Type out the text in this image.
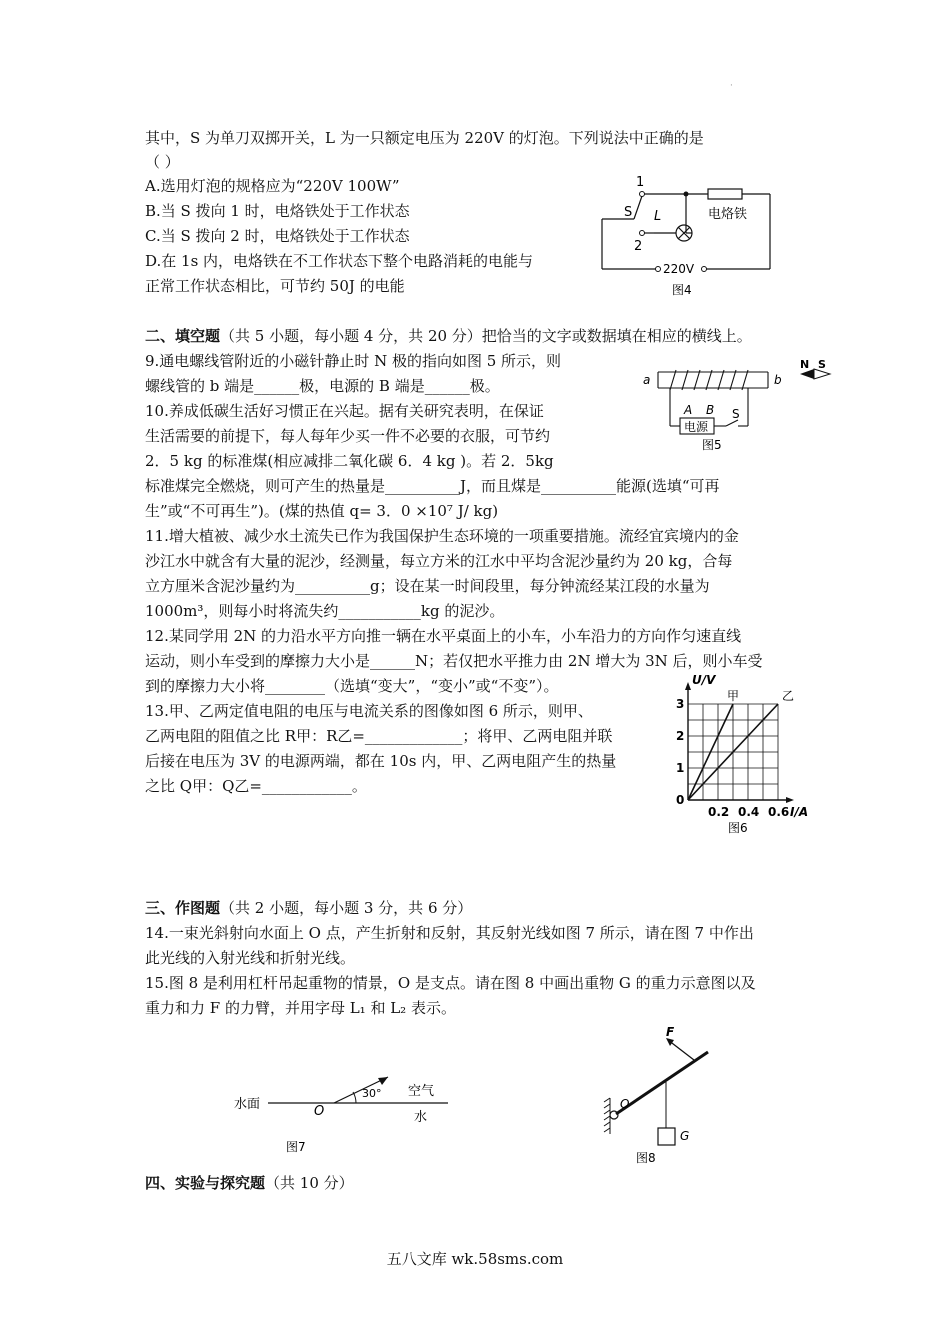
·
其中，S 为单刀双掷开关，L 为一只额定电压为 220V 的灯泡。下列说法中正确的是
（ ）
A.选用灯泡的规格应为“220V 100W”
B.当 S 拨向 1 时，电烙铁处于工作状态
C.当 S 拨向 2 时，电烙铁处于工作状态
D.在 1s 内，电烙铁在不工作状态下整个电路消耗的电能与
正常工作状态相比，可节约 50J 的电能
1
S L
2
电烙铁
220V
图4
二、填空题（共 5 小题，每小题 4 分，共 20 分）把恰当的文字或数据填在相应的横线上。
9.通电螺线管附近的小磁针静止时 N 极的指向如图 5 所示，则
螺线管的 b 端是______极，电源的 B 端是______极。	a	b
A B S
电源
图5
N S
10.养成低碳生活好习惯正在兴起。据有关研究表明，在保证
生活需要的前提下，每人每年少买一件不必要的衣服，可节约
2．5 kg 的标准煤(相应减排二氧化碳 6．4 kg )。若 2．5kg
标准煤完全燃烧，则可产生的热量是__________J，而且煤是__________能源(选填“可再
生”或“不可再生”)。(煤的热值 q= 3．0 ×10⁷ J/ kg)
11.增大植被、减少水土流失已作为我国保护生态环境的一项重要措施。流经宜宾境内的金
沙江水中就含有大量的泥沙，经测量，每立方米的江水中平均含泥沙量约为 20 kg，合每
立方厘米含泥沙量约为__________g；设在某一时间段里，每分钟流经某江段的水量为
1000m³，则每小时将流失约___________kg 的泥沙。
12.某同学用 2N 的力沿水平方向推一辆在水平桌面上的小车，小车沿力的方向作匀速直线
运动，则小车受到的摩擦力大小是______N；若仅把水平推力由 2N 增大为 3N 后，则小车受
到的摩擦力大小将________（选填“变大”，“变小”或“不变”）。
13.甲、乙两定值电阻的电压与电流关系的图像如图 6 所示，则甲、
乙两电阻的阻值之比 R甲：R乙=_____________；将甲、乙两电阻并联
后接在电压为 3V 的电源两端，都在 10s 内，甲、乙两电阻产生的热量
之比 Q甲：Q乙=____________。
甲	乙
1
2
3
0.2 0.4 0.6
0
U/V
I/A
图6
三、作图题（共 2 小题，每小题 3 分，共 6 分）
14.一束光斜射向水面上 O 点，产生折射和反射，其反射光线如图 7 所示，请在图 7 中作出
此光线的入射光线和折射光线。
15.图 8 是利用杠杆吊起重物的情景，O 是支点。请在图 8 中画出重物 G 的重力示意图以及
重力和力 F 的力臂，并用字母 L₁ 和 L₂ 表示。
水面	O
30° 空气
水
图7
F
O
G
图8
四、实验与探究题（共 10 分）
五八文库 wk.58sms.com
